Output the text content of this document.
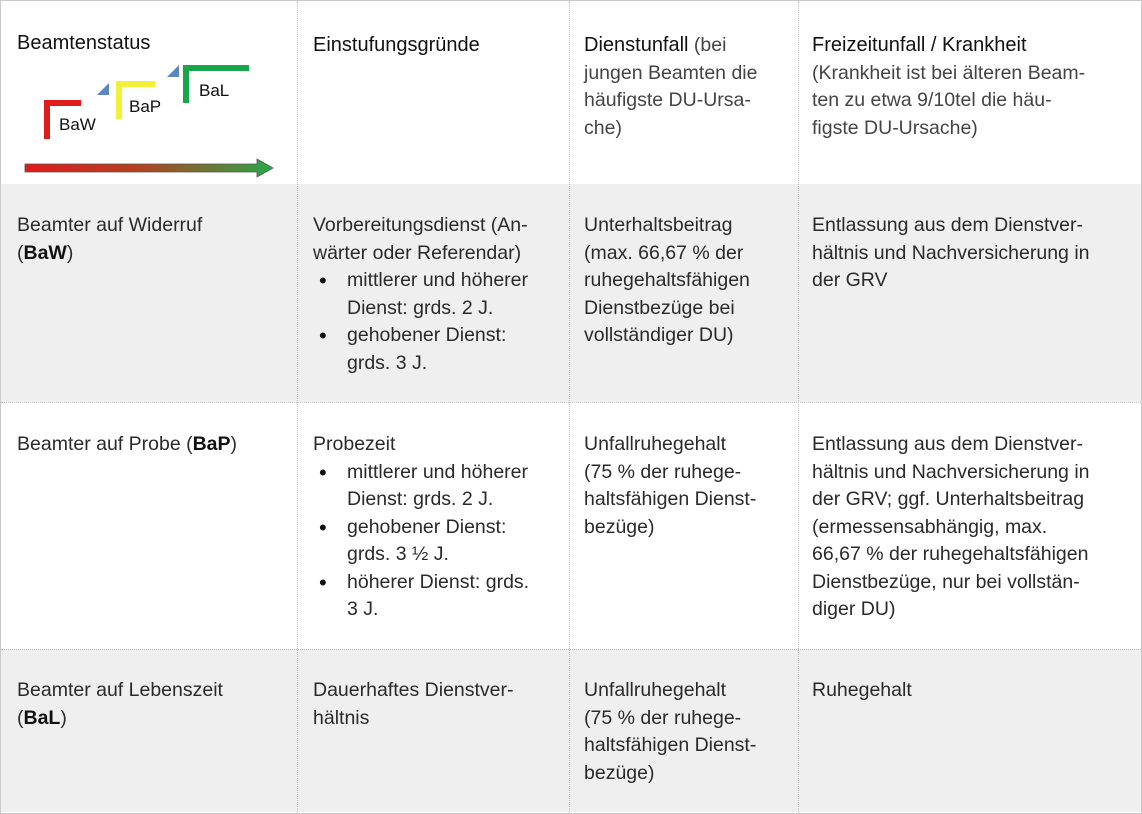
Beamtenstatus
BaW
BaP
BaL
Einstufungsgründe	Dienstunfall (bei
jungen Beamten die
häufigste DU-Ursa-
che)
Freizeitunfall / Krankheit
(Krankheit ist bei älteren Beam-
ten zu etwa 9/10tel die häu-
figste DU-Ursache)
Beamter auf Widerruf
(BaW)
Vorbereitungsdienst (An-
wärter oder Referendar)
• mittlerer und höherer
Dienst: grds. 2 J.
• gehobener Dienst:
grds. 3 J.
Unterhaltsbeitrag
(max. 66,67 % der
ruhegehaltsfähigen
Dienstbezüge bei
vollständiger DU)
Entlassung aus dem Dienstver-
hältnis und Nachversicherung in
der GRV
Beamter auf Probe (BaP)	Probezeit
• mittlerer und höherer
Dienst: grds. 2 J.
• gehobener Dienst:
grds. 3 ½ J.
• höherer Dienst: grds.
3 J.
Unfallruhegehalt
(75 % der ruhege-
haltsfähigen Dienst-
bezüge)
Entlassung aus dem Dienstver-
hältnis und Nachversicherung in
der GRV; ggf. Unterhaltsbeitrag
(ermessensabhängig, max.
66,67 % der ruhegehaltsfähigen
Dienstbezüge, nur bei vollstän-
diger DU)
Beamter auf Lebenszeit
(BaL)
Dauerhaftes Dienstver-
hältnis
Unfallruhegehalt
(75 % der ruhege-
haltsfähigen Dienst-
bezüge)
Ruhegehalt
